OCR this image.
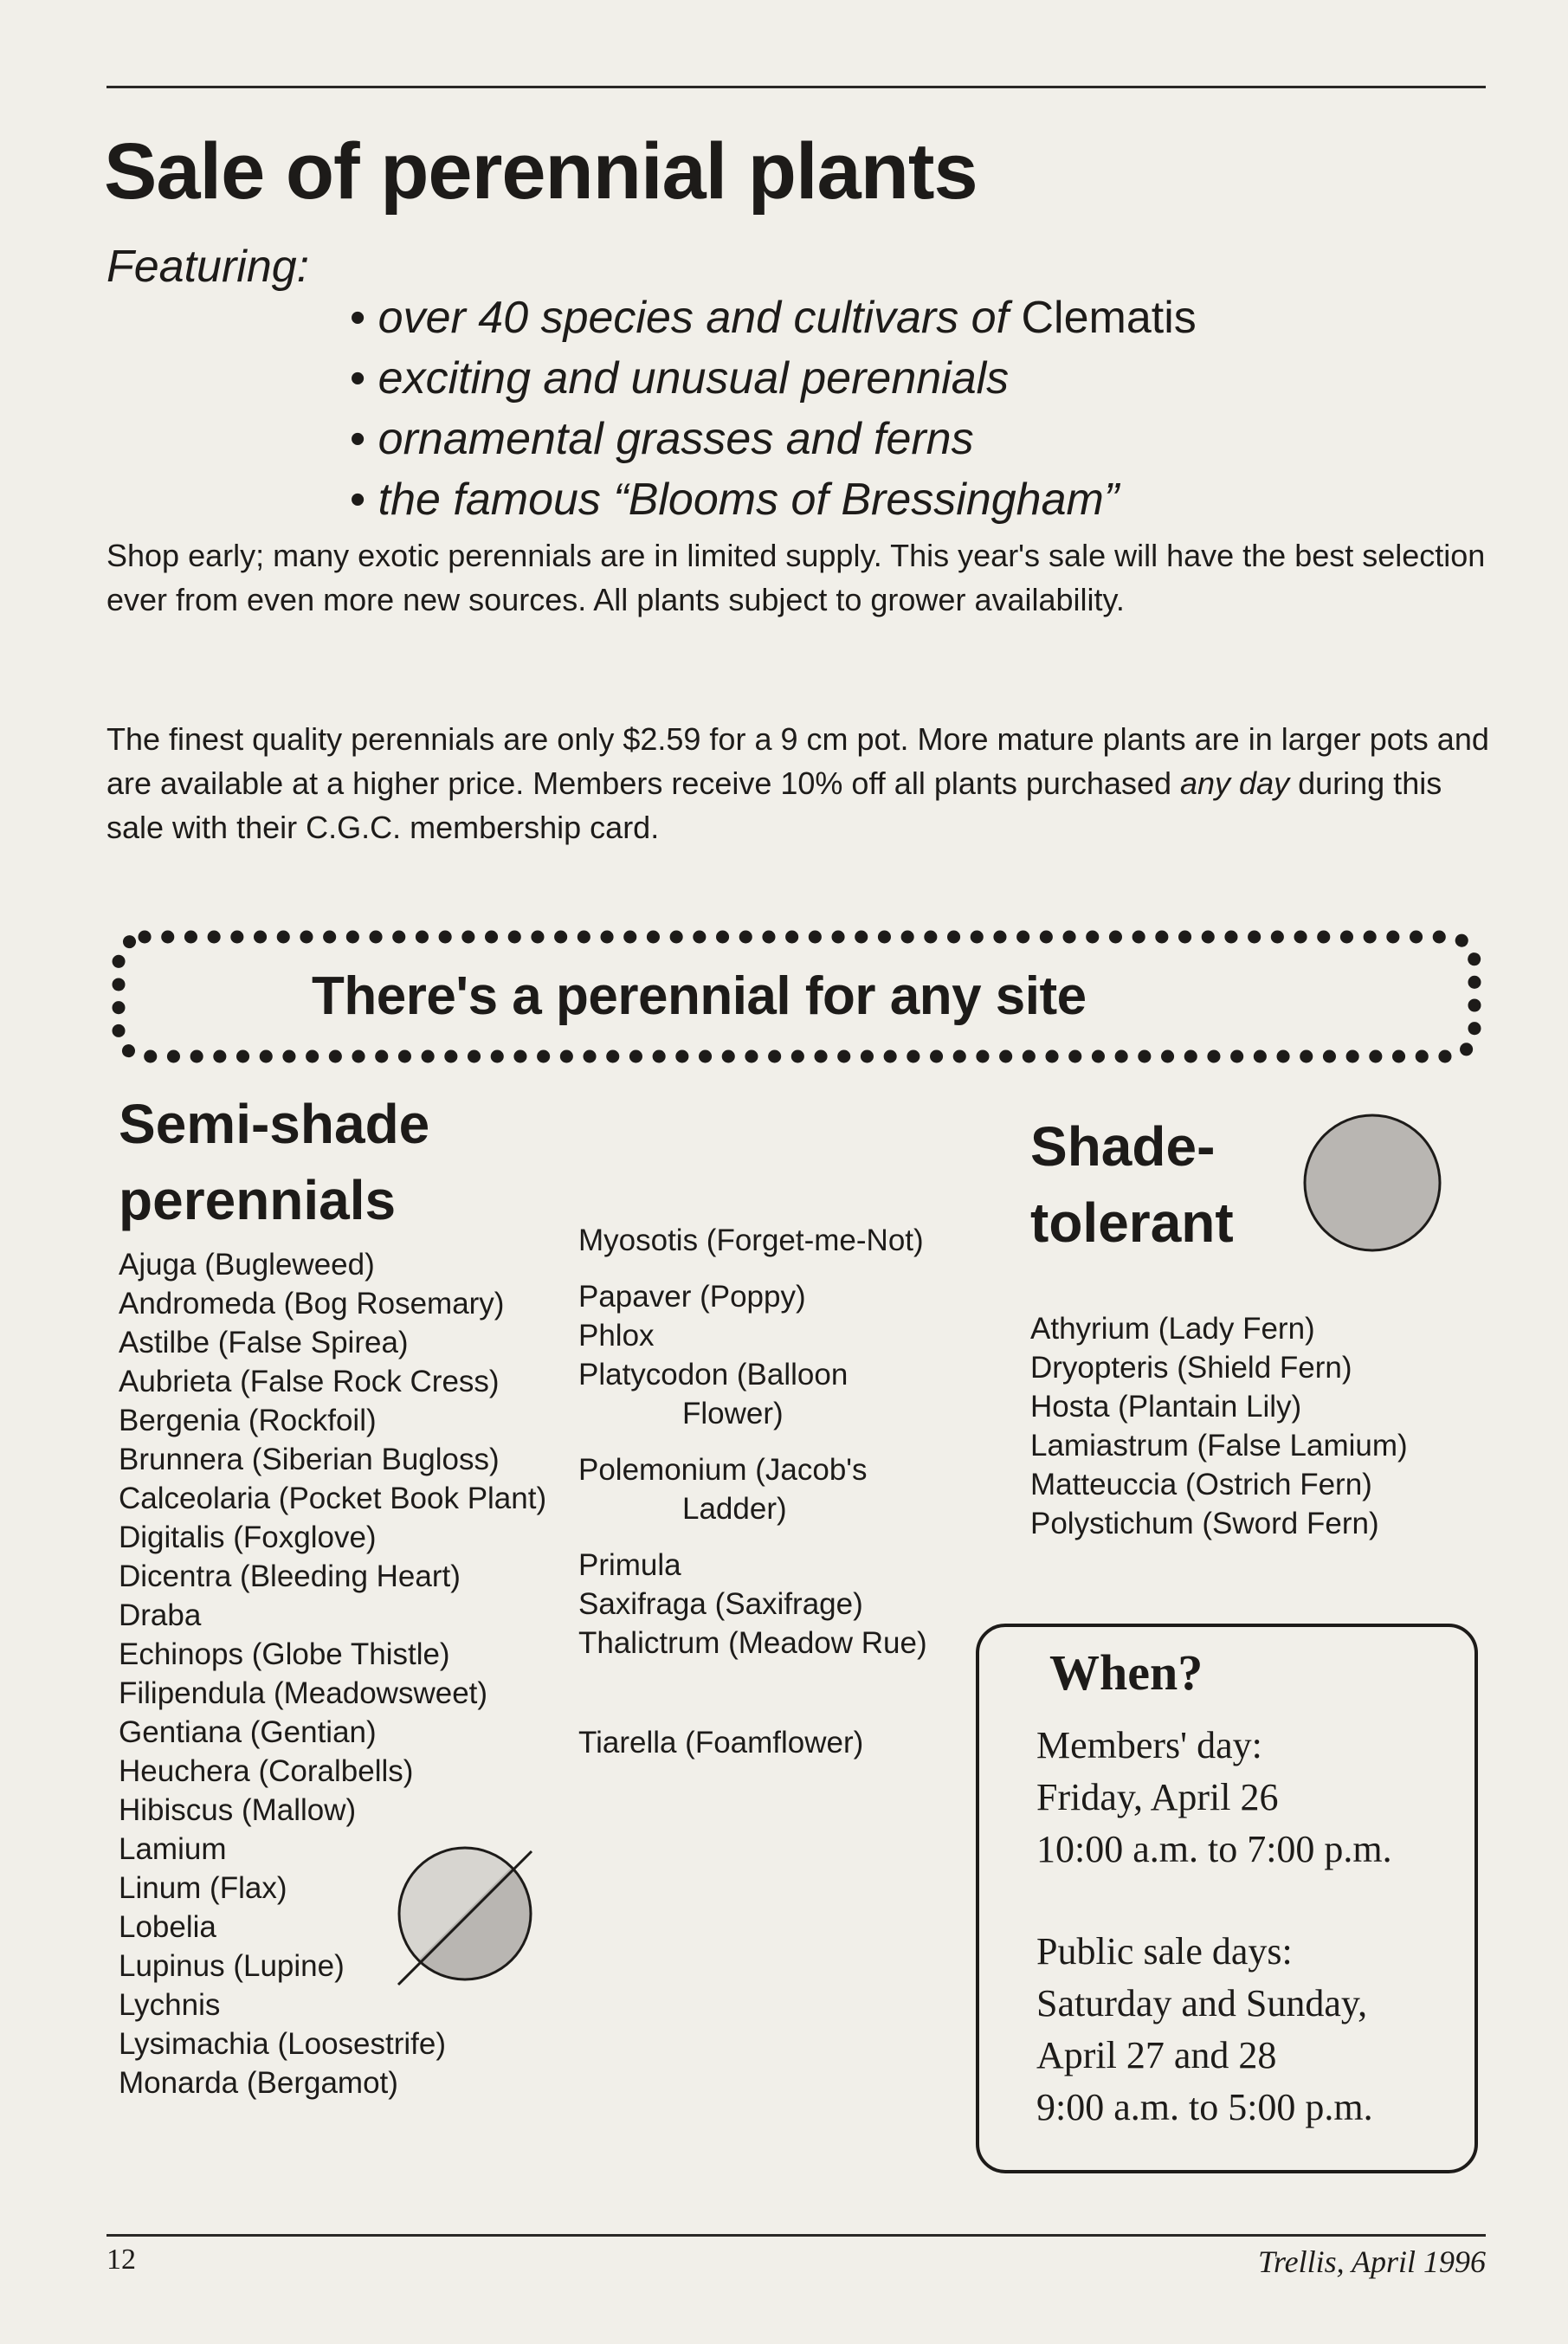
Sale of perennial plants
Featuring:
• over 40 species and cultivars of Clematis
• exciting and unusual perennials
• ornamental grasses and ferns
• the famous “Blooms of Bressingham”

Shop early; many exotic perennials are in limited supply. This year's sale will have the best selection ever from even more new sources. All plants subject to grower availability.

The finest quality perennials are only $2.59 for a 9 cm pot. More mature plants are in larger pots and are available at a higher price. Members receive 10% off all plants purchased any day during this sale with their C.G.C. membership card.

There's a perennial for any site
Semi-shade
perennials
Ajuga (Bugleweed)
Andromeda (Bog Rosemary)
Astilbe (False Spirea)
Aubrieta (False Rock Cress)
Bergenia (Rockfoil)
Brunnera (Siberian Bugloss)
Calceolaria (Pocket Book Plant)
Digitalis (Foxglove)
Dicentra (Bleeding Heart)
Draba
Echinops (Globe Thistle)
Filipendula (Meadowsweet)
Gentiana (Gentian)
Heuchera (Coralbells)
Hibiscus (Mallow)
Lamium
Linum (Flax)
Lobelia
Lupinus (Lupine)
Lychnis
Lysimachia (Loosestrife)
Monarda (Bergamot)
Myosotis (Forget-me-Not)
Papaver (Poppy)
Phlox
Platycodon (Balloon Flower)
Polemonium (Jacob's Ladder)
Primula
Saxifraga (Saxifrage)
Thalictrum (Meadow Rue)
Tiarella (Foamflower)
Shade-
tolerant
Athyrium (Lady Fern)
Dryopteris (Shield Fern)
Hosta (Plantain Lily)
Lamiastrum (False Lamium)
Matteuccia (Ostrich Fern)
Polystichum (Sword Fern)
When?
Members' day:
Friday, April 26
10:00 a.m. to 7:00 p.m.
Public sale days:
Saturday and Sunday,
April 27 and 28
9:00 a.m. to 5:00 p.m.
12	Trellis, April 1996
